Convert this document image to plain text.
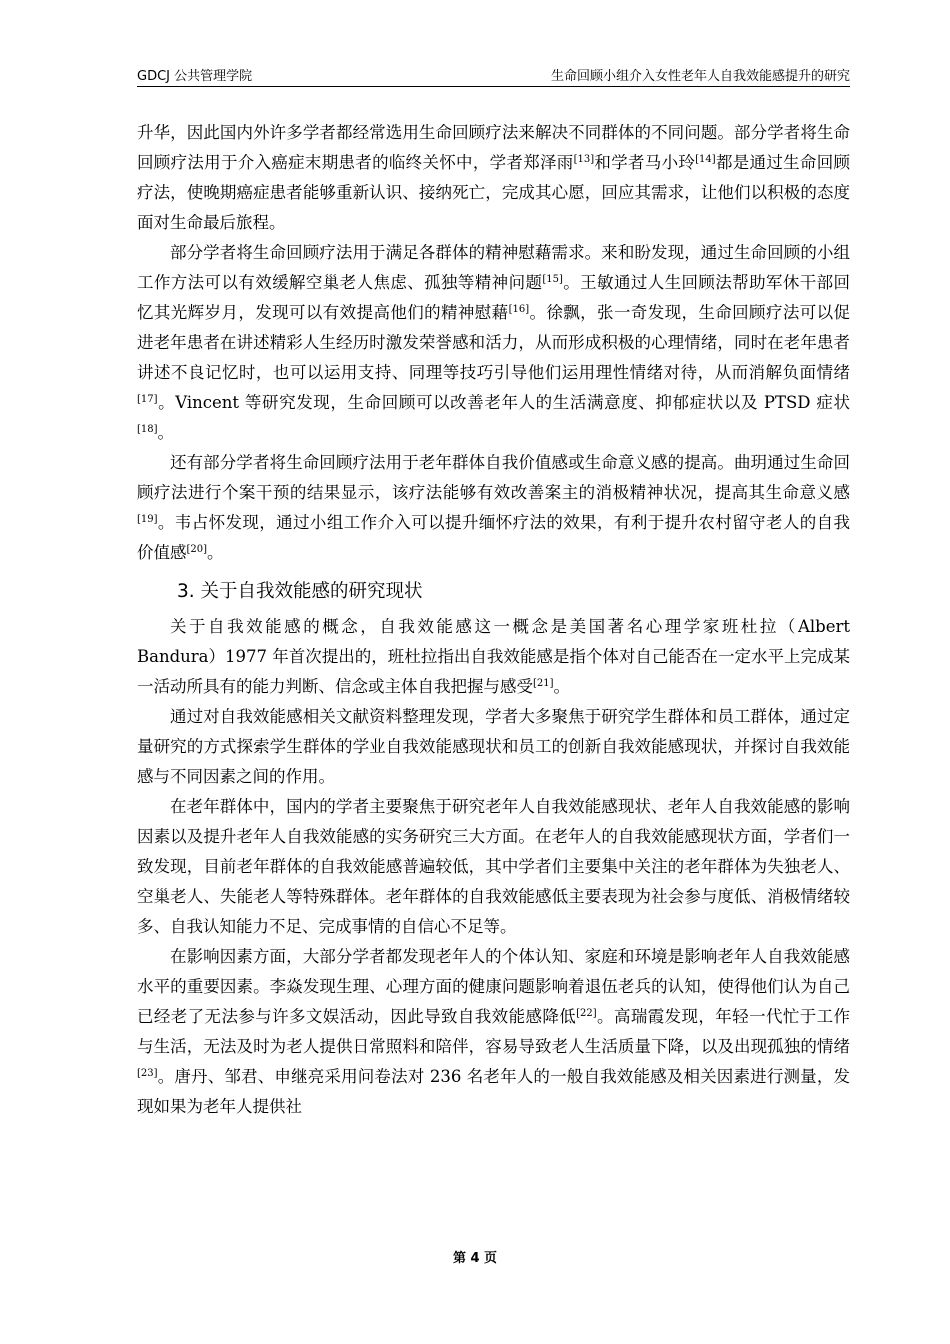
GDCJ 公共管理学院	生命回顾小组介入女性老年人自我效能感提升的研究

升华，因此国内外许多学者都经常选用生命回顾疗法来解决不同群体的不同问题。部分学者将生命回顾疗法用于介入癌症末期患者的临终关怀中，学者郑泽雨[13]和学者马小玲[14]都是通过生命回顾疗法，使晚期癌症患者能够重新认识、接纳死亡，完成其心愿，回应其需求，让他们以积极的态度面对生命最后旅程。

部分学者将生命回顾疗法用于满足各群体的精神慰藉需求。来和盼发现，通过生命回顾的小组工作方法可以有效缓解空巢老人焦虑、孤独等精神问题[15]。王敏通过人生回顾法帮助军休干部回忆其光辉岁月，发现可以有效提高他们的精神慰藉[16]。徐飘，张一奇发现，生命回顾疗法可以促进老年患者在讲述精彩人生经历时激发荣誉感和活力，从而形成积极的心理情绪，同时在老年患者讲述不良记忆时，也可以运用支持、同理等技巧引导他们运用理性情绪对待，从而消解负面情绪[17]。Vincent 等研究发现，生命回顾可以改善老年人的生活满意度、抑郁症状以及 PTSD 症状[18]。

还有部分学者将生命回顾疗法用于老年群体自我价值感或生命意义感的提高。曲玥通过生命回顾疗法进行个案干预的结果显示，该疗法能够有效改善案主的消极精神状况，提高其生命意义感[19]。韦占怀发现，通过小组工作介入可以提升缅怀疗法的效果，有利于提升农村留守老人的自我价值感[20]。

3. 关于自我效能感的研究现状

关于自我效能感的概念，自我效能感这一概念是美国著名心理学家班杜拉（Albert Bandura）1977 年首次提出的，班杜拉指出自我效能感是指个体对自己能否在一定水平上完成某一活动所具有的能力判断、信念或主体自我把握与感受[21]。

通过对自我效能感相关文献资料整理发现，学者大多聚焦于研究学生群体和员工群体，通过定量研究的方式探索学生群体的学业自我效能感现状和员工的创新自我效能感现状，并探讨自我效能感与不同因素之间的作用。

在老年群体中，国内的学者主要聚焦于研究老年人自我效能感现状、老年人自我效能感的影响因素以及提升老年人自我效能感的实务研究三大方面。在老年人的自我效能感现状方面，学者们一致发现，目前老年群体的自我效能感普遍较低，其中学者们主要集中关注的老年群体为失独老人、空巢老人、失能老人等特殊群体。老年群体的自我效能感低主要表现为社会参与度低、消极情绪较多、自我认知能力不足、完成事情的自信心不足等。

在影响因素方面，大部分学者都发现老年人的个体认知、家庭和环境是影响老年人自我效能感水平的重要因素。李焱发现生理、心理方面的健康问题影响着退伍老兵的认知，使得他们认为自己已经老了无法参与许多文娱活动，因此导致自我效能感降低[22]。高瑞霞发现，年轻一代忙于工作与生活，无法及时为老人提供日常照料和陪伴，容易导致老人生活质量下降，以及出现孤独的情绪[23]。唐丹、邹君、申继亮采用问卷法对 236 名老年人的一般自我效能感及相关因素进行测量，发现如果为老年人提供社

第 4 页
